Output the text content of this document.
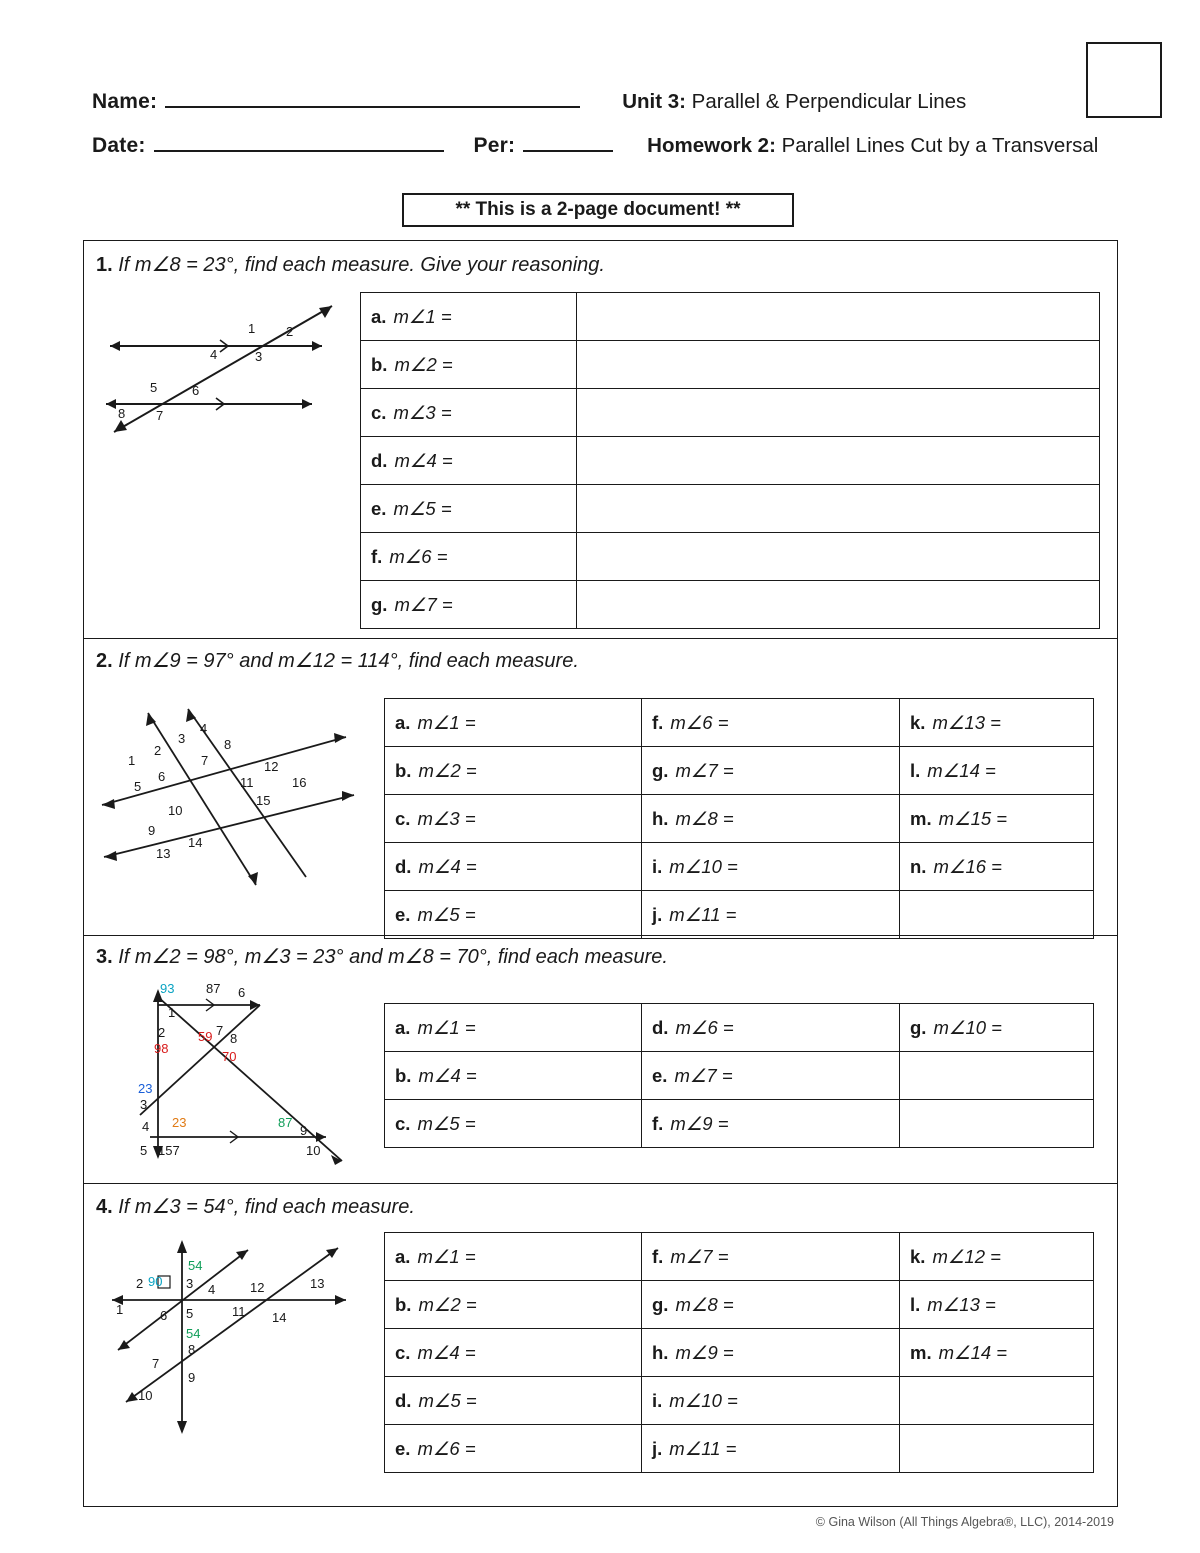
Name:	Unit 3: Parallel & Perpendicular Lines
Date:	Per:	Homework 2: Parallel Lines Cut by a Transversal
** This is a 2-page document! **
1. If m∠8 = 23°, find each measure. Give your reasoning.
1 2
4	3
5	6
8 7
a. m∠1 =	
b. m∠2 =	
c. m∠3 =	
d. m∠4 =	
e. m∠5 =	
f. m∠6 =	
g. m∠7 =	
2. If m∠9 = 97° and m∠12 = 114°, find each measure.
1
2
3
4
8
7
5
6
12
11	16
15
10
9
13
14
a. m∠1 =	f. m∠6 =	k. m∠13 =
b. m∠2 =	g. m∠7 =	l. m∠14 =
c. m∠3 =	h. m∠8 =	m. m∠15 =
d. m∠4 =	i. m∠10 =	n. m∠16 =
e. m∠5 =	j. m∠11 =	
3. If m∠2 = 98°, m∠3 = 23° and m∠8 = 70°, find each measure.
93
1
87 6
2
98
59 7
8
70
23
3
4 23	87
9
5 157	10
a. m∠1 =	d. m∠6 =	g. m∠10 =
b. m∠4 =	e. m∠7 =	
c. m∠5 =	f. m∠9 =	
4. If m∠3 = 54°, find each measure.
54
3
2 90
4
1	5
12	13
11 14
6
54
8
7
9
10
a. m∠1 =	f. m∠7 =	k. m∠12 =
b. m∠2 =	g. m∠8 =	l. m∠13 =
c. m∠4 =	h. m∠9 =	m. m∠14 =
d. m∠5 =	i. m∠10 =	
e. m∠6 =	j. m∠11 =	
© Gina Wilson (All Things Algebra®, LLC), 2014-2019
